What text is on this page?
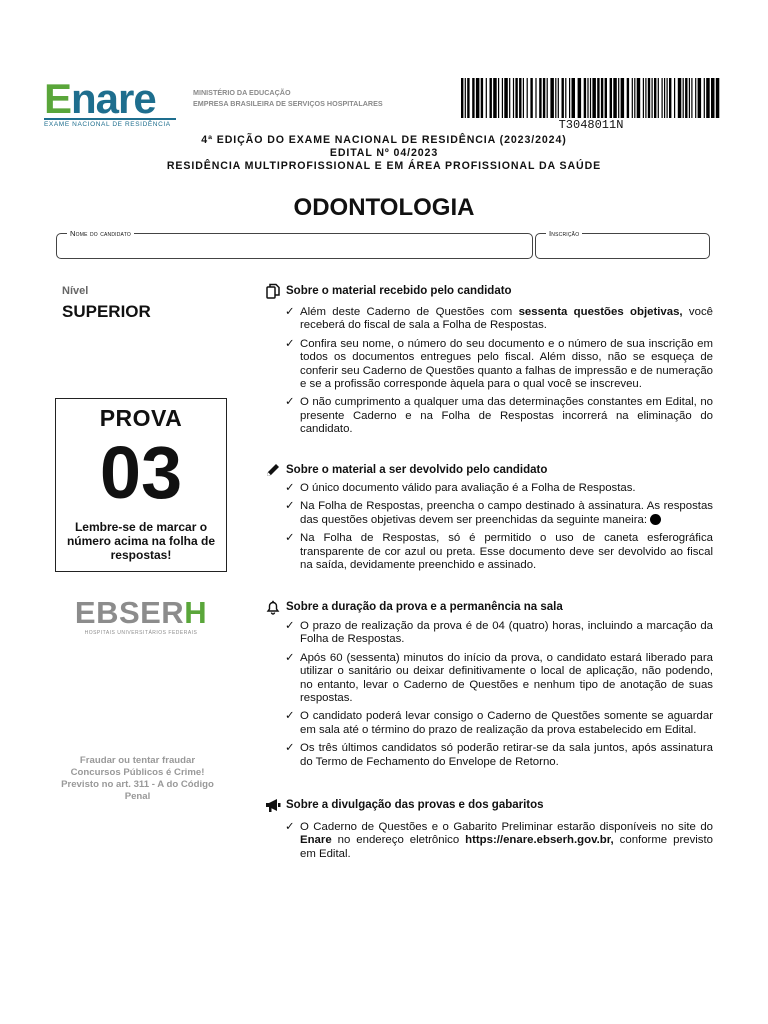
Enare
EXAME NACIONAL DE RESIDÊNCIA
MINISTÉRIO DA EDUCAÇÃO
EMPRESA BRASILEIRA DE SERVIÇOS HOSPITALARES
T3048011N
4ª EDIÇÃO DO EXAME NACIONAL DE RESIDÊNCIA (2023/2024)
EDITAL Nº 04/2023
RESIDÊNCIA MULTIPROFISSIONAL E EM ÁREA PROFISSIONAL DA SAÚDE
ODONTOLOGIA
Nome do candidato	Inscrição
Nível
SUPERIOR
PROVA
03
Lembre-se de marcar o número acima na folha de respostas!
EBSERH
HOSPITAIS UNIVERSITÁRIOS FEDERAIS
Fraudar ou tentar fraudar Concursos Públicos é Crime! Previsto no art. 311 - A do Código Penal
Sobre o material recebido pelo candidato
✓ Além deste Caderno de Questões com sessenta questões objetivas, você receberá do fiscal de sala a Folha de Respostas.
✓ Confira seu nome, o número do seu documento e o número de sua inscrição em todos os documentos entregues pelo fiscal. Além disso, não se esqueça de conferir seu Caderno de Questões quanto a falhas de impressão e de numeração e se a profissão corresponde àquela para o qual você se inscreveu.
✓ O não cumprimento a qualquer uma das determinações constantes em Edital, no presente Caderno e na Folha de Respostas incorrerá na eliminação do candidato.
Sobre o material a ser devolvido pelo candidato
✓ O único documento válido para avaliação é a Folha de Respostas.
✓ Na Folha de Respostas, preencha o campo destinado à assinatura. As respostas das questões objetivas devem ser preenchidas da seguinte maneira:
✓ Na Folha de Respostas, só é permitido o uso de caneta esferográfica transparente de cor azul ou preta. Esse documento deve ser devolvido ao fiscal na saída, devidamente preenchido e assinado.
Sobre a duração da prova e a permanência na sala
✓ O prazo de realização da prova é de 04 (quatro) horas, incluindo a marcação da Folha de Respostas.
✓ Após 60 (sessenta) minutos do início da prova, o candidato estará liberado para utilizar o sanitário ou deixar definitivamente o local de aplicação, não podendo, no entanto, levar o Caderno de Questões e nenhum tipo de anotação de suas respostas.
✓ O candidato poderá levar consigo o Caderno de Questões somente se aguardar em sala até o término do prazo de realização da prova estabelecido em Edital.
✓ Os três últimos candidatos só poderão retirar-se da sala juntos, após assinatura do Termo de Fechamento do Envelope de Retorno.
Sobre a divulgação das provas e dos gabaritos
✓ O Caderno de Questões e o Gabarito Preliminar estarão disponíveis no site do Enare no endereço eletrônico https://enare.ebserh.gov.br, conforme previsto em Edital.
